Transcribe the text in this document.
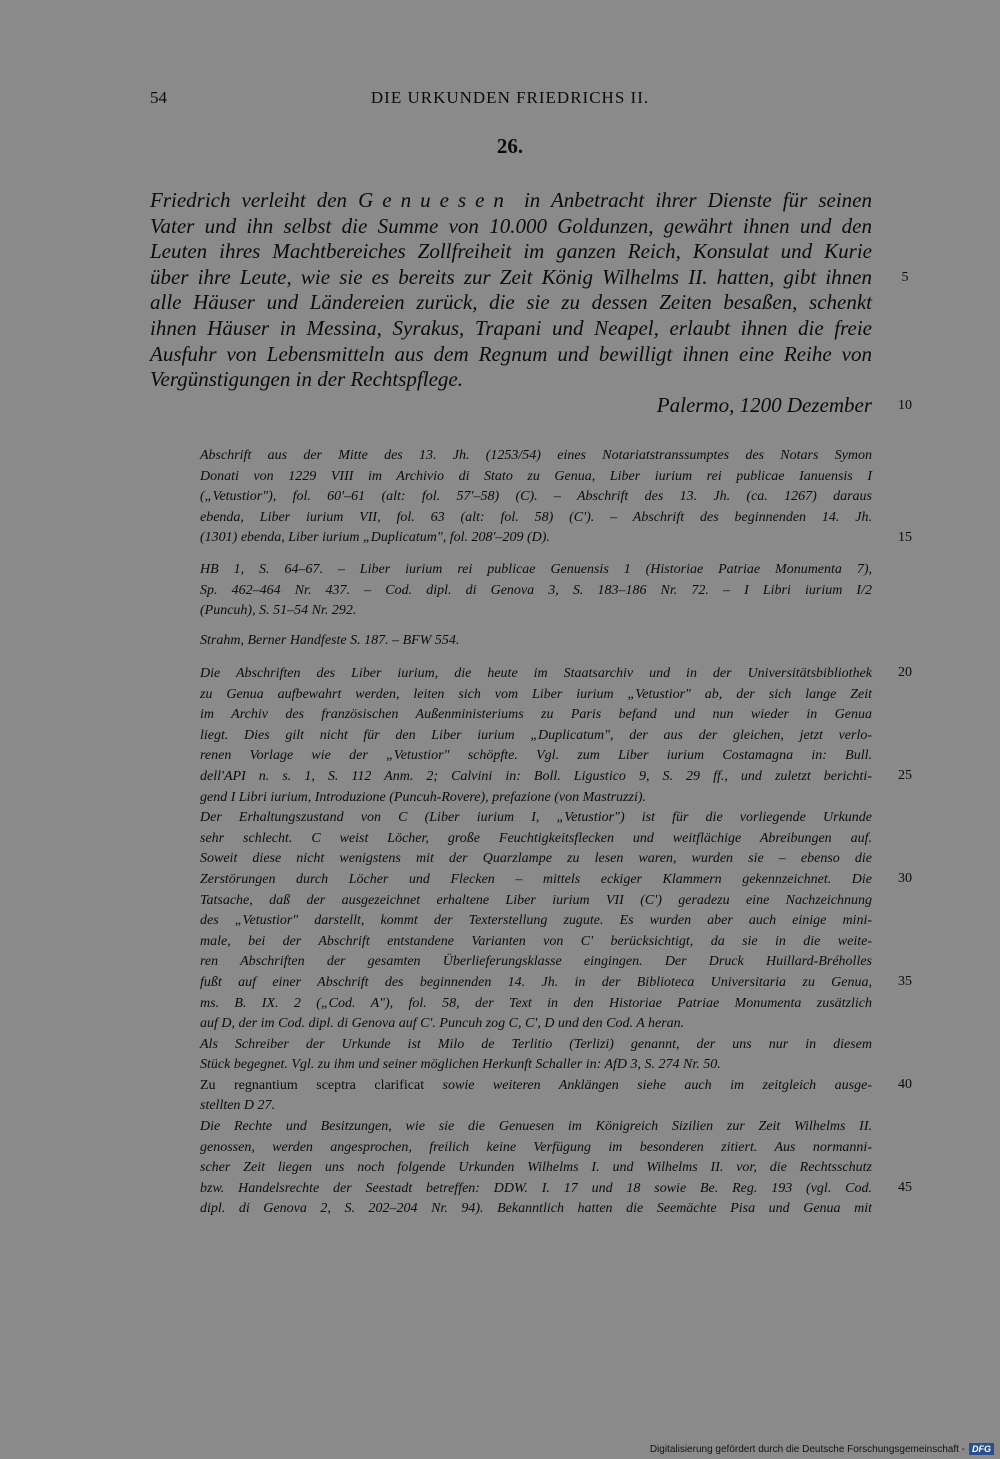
54	DIE URKUNDEN FRIEDRICHS II.
26.
Friedrich verleiht den Genuesen in Anbetracht ihrer Dienste für seinen
Vater und ihn selbst die Summe von 10.000 Goldunzen, gewährt ihnen und den
Leuten ihres Machtbereiches Zollfreiheit im ganzen Reich, Konsulat und Kurie
über ihre Leute, wie sie es bereits zur Zeit König Wilhelms II. hatten, gibt ihnen
alle Häuser und Ländereien zurück, die sie zu dessen Zeiten besaßen, schenkt
ihnen Häuser in Messina, Syrakus, Trapani und Neapel, erlaubt ihnen die freie
Ausfuhr von Lebensmitteln aus dem Regnum und bewilligt ihnen eine Reihe von
Vergünstigungen in der Rechtspflege.
Palermo, 1200 Dezember
Abschrift aus der Mitte des 13. Jh. (1253/54) eines Notariatstranssumptes des Notars Symon
Donati von 1229 VIII im Archivio di Stato zu Genua, Liber iurium rei publicae Ianuensis I
(„Vetustior"), fol. 60'–61 (alt: fol. 57'–58) (C). – Abschrift des 13. Jh. (ca. 1267) daraus
ebenda, Liber iurium VII, fol. 63 (alt: fol. 58) (C'). – Abschrift des beginnenden 14. Jh.
(1301) ebenda, Liber iurium „Duplicatum", fol. 208'–209 (D).
HB 1, S. 64–67. – Liber iurium rei publicae Genuensis 1 (Historiae Patriae Monumenta 7),
Sp. 462–464 Nr. 437. – Cod. dipl. di Genova 3, S. 183–186 Nr. 72. – I Libri iurium I/2
(Puncuh), S. 51–54 Nr. 292.
Strahm, Berner Handfeste S. 187. – BFW 554.
Die Abschriften des Liber iurium, die heute im Staatsarchiv und in der Universitätsbibliothek
zu Genua aufbewahrt werden, leiten sich vom Liber iurium „Vetustior" ab, der sich lange Zeit
im Archiv des französischen Außenministeriums zu Paris befand und nun wieder in Genua
liegt. Dies gilt nicht für den Liber iurium „Duplicatum", der aus der gleichen, jetzt verlo-
renen Vorlage wie der „Vetustior" schöpfte. Vgl. zum Liber iurium Costamagna in: Bull.
dell'API n. s. 1, S. 112 Anm. 2; Calvini in: Boll. Ligustico 9, S. 29 ff., und zuletzt berichti-
gend I Libri iurium, Introduzione (Puncuh-Rovere), prefazione (von Mastruzzi).
Der Erhaltungszustand von C (Liber iurium I, „Vetustior") ist für die vorliegende Urkunde
sehr schlecht. C weist Löcher, große Feuchtigkeitsflecken und weitflächige Abreibungen auf.
Soweit diese nicht wenigstens mit der Quarzlampe zu lesen waren, wurden sie – ebenso die
Zerstörungen durch Löcher und Flecken – mittels eckiger Klammern gekennzeichnet. Die
Tatsache, daß der ausgezeichnet erhaltene Liber iurium VII (C') geradezu eine Nachzeichnung
des „Vetustior" darstellt, kommt der Texterstellung zugute. Es wurden aber auch einige mini-
male, bei der Abschrift entstandene Varianten von C' berücksichtigt, da sie in die weite-
ren Abschriften der gesamten Überlieferungsklasse eingingen. Der Druck Huillard-Bréholles
fußt auf einer Abschrift des beginnenden 14. Jh. in der Biblioteca Universitaria zu Genua,
ms. B. IX. 2 („Cod. A"), fol. 58, der Text in den Historiae Patriae Monumenta zusätzlich
auf D, der im Cod. dipl. di Genova auf C'. Puncuh zog C, C', D und den Cod. A heran.
Als Schreiber der Urkunde ist Milo de Terlitio (Terlizi) genannt, der uns nur in diesem
Stück begegnet. Vgl. zu ihm und seiner möglichen Herkunft Schaller in: AfD 3, S. 274 Nr. 50.
Zu regnantium sceptra clarificat sowie weiteren Anklängen siehe auch im zeitgleich ausge-
stellten D 27.
Die Rechte und Besitzungen, wie sie die Genuesen im Königreich Sizilien zur Zeit Wilhelms II.
genossen, werden angesprochen, freilich keine Verfügung im besonderen zitiert. Aus normanni-
scher Zeit liegen uns noch folgende Urkunden Wilhelms I. und Wilhelms II. vor, die Rechtsschutz
bzw. Handelsrechte der Seestadt betreffen: DDW. I. 17 und 18 sowie Be. Reg. 193 (vgl. Cod.
dipl. di Genova 2, S. 202–204 Nr. 94). Bekanntlich hatten die Seemächte Pisa und Genua mit
5
10
15
20
25
30
35
40
45
Digitalisierung gefördert durch die Deutsche Forschungsgemeinschaft - DFG
